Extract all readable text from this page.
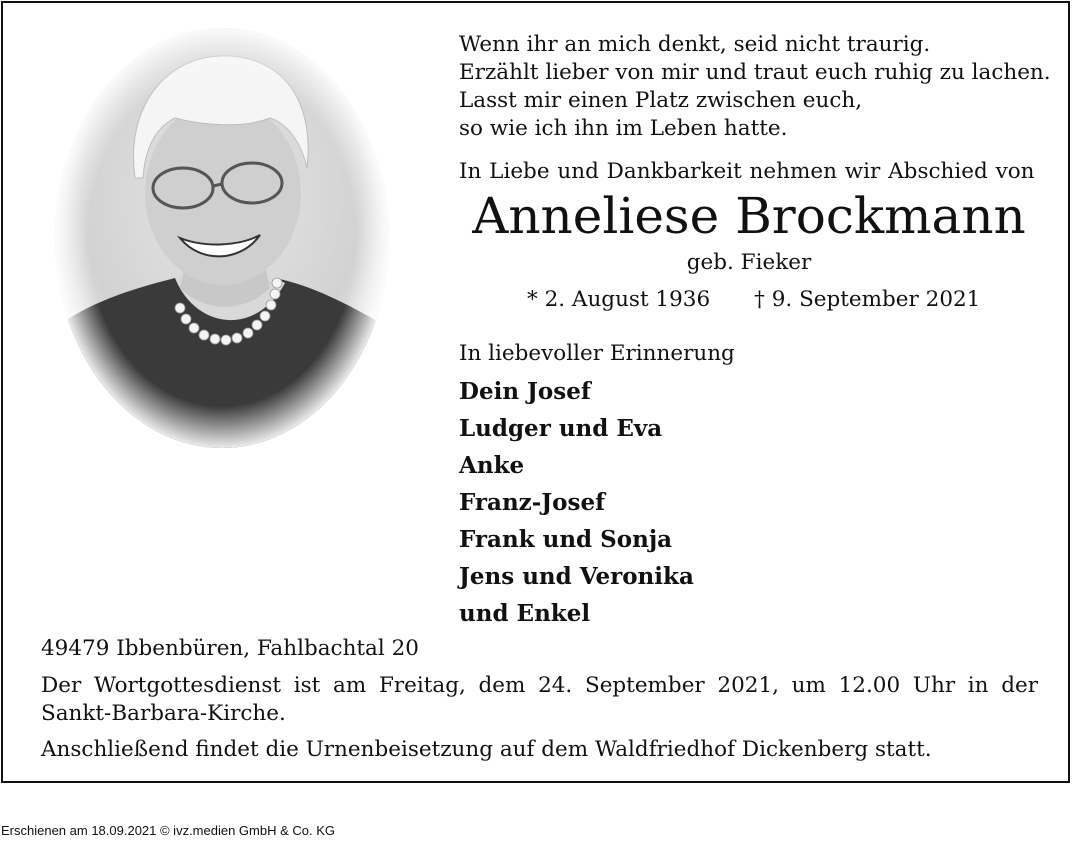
Wenn ihr an mich denkt, seid nicht traurig.
Erzählt lieber von mir und traut euch ruhig zu lachen.
Lasst mir einen Platz zwischen euch,
so wie ich ihn im Leben hatte.
In Liebe und Dankbarkeit nehmen wir Abschied von
Anneliese Brockmann
geb. Fieker
* 2. August 1936 † 9. September 2021
In liebevoller Erinnerung
Dein Josef
Ludger und Eva
Anke
Franz-Josef
Frank und Sonja
Jens und Veronika
und Enkel
49479 Ibbenbüren, Fahlbachtal 20
Der Wortgottesdienst ist am Freitag, dem 24. September 2021, um 12.00 Uhr in der Sankt-Barbara-Kirche.
Anschließend findet die Urnenbeisetzung auf dem Waldfriedhof Dickenberg statt.
Erschienen am 18.09.2021 © ivz.medien GmbH & Co. KG
